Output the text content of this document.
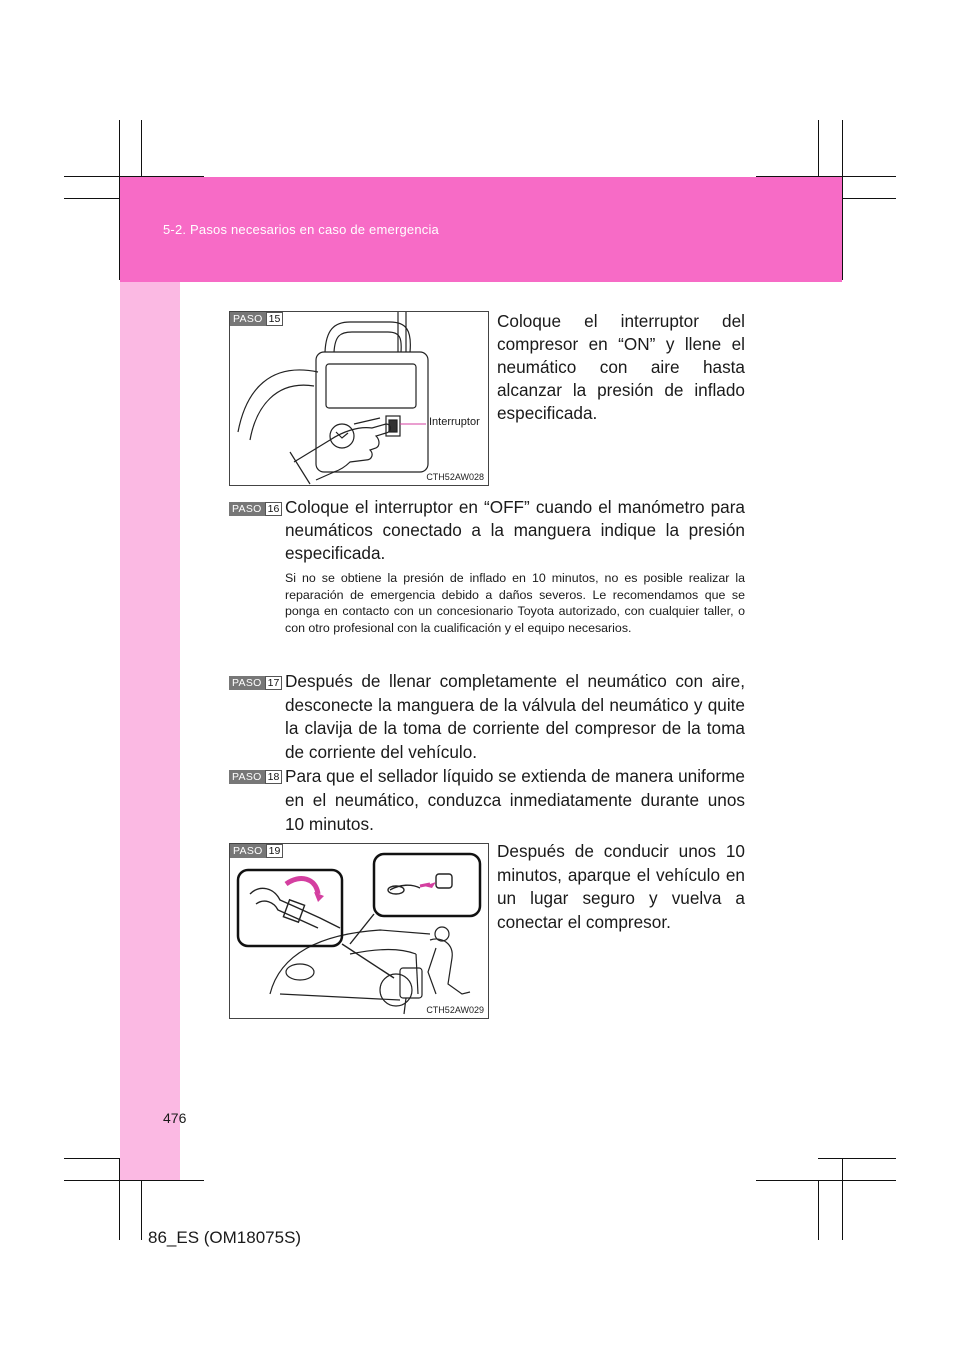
5-2. Pasos necesarios en caso de emergencia
Interruptor
CTH52AW028
PASO 15	Coloque el interruptor del compresor en “ON” y llene el neumático con aire hasta alcanzar la presión de inflado especificada.
PASO 16 Coloque el interruptor en “OFF” cuando el manómetro para neumáticos conectado a la manguera indique la presión especificada.
Si no se obtiene la presión de inflado en 10 minutos, no es posible realizar la reparación de emergencia debido a daños severos. Le recomendamos que se ponga en contacto con un concesionario Toyota autorizado, con cualquier taller, o con otro profesional con la cualificación y el equipo necesarios.
PASO 17 Después de llenar completamente el neumático con aire, desconecte la manguera de la válvula del neumático y quite la clavija de la toma de corriente del compresor de la toma de corriente del vehículo.
PASO 18 Para que el sellador líquido se extienda de manera uniforme en el neumático, conduzca inmediatamente durante unos 10 minutos.
CTH52AW029
PASO 19	Después de conducir unos 10 minutos, aparque el vehículo en un lugar seguro y vuelva a conectar el compresor.
476
86_ES (OM18075S)
